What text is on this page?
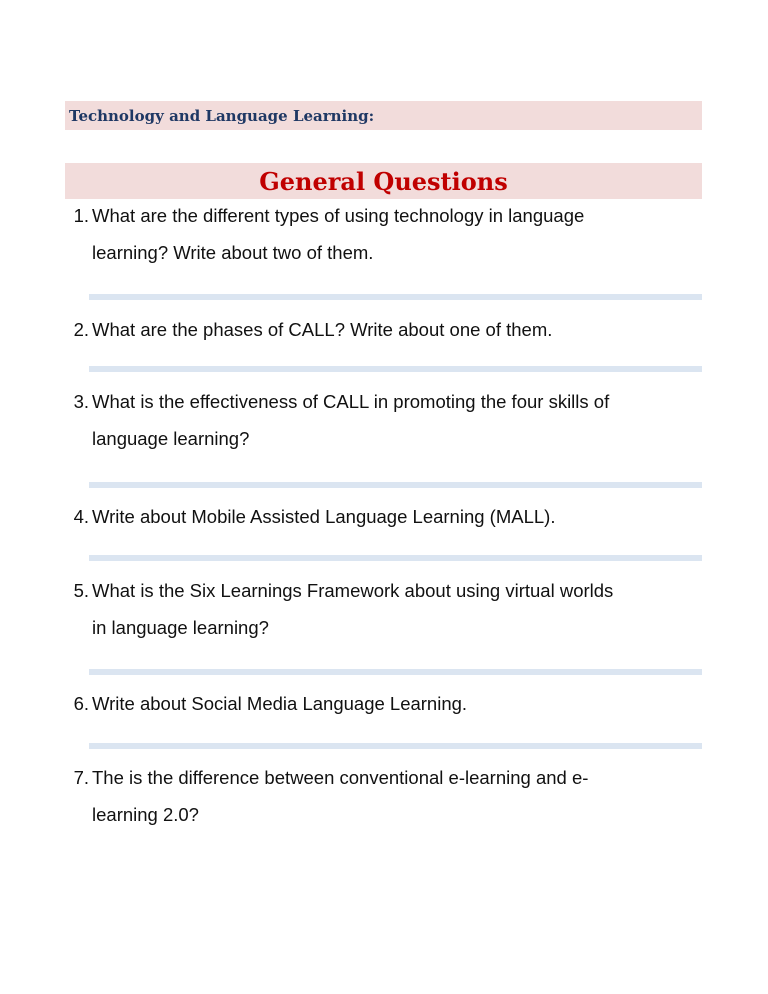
Technology and Language Learning:
General Questions
1. What are the different types of using technology in language
learning? Write about two of them.
2. What are the phases of CALL? Write about one of them.
3. What is the effectiveness of CALL in promoting the four skills of
language learning?
4. Write about Mobile Assisted Language Learning (MALL).
5. What is the Six Learnings Framework about using virtual worlds
in language learning?
6. Write about Social Media Language Learning.
7. The is the difference between conventional e-learning and e-
learning 2.0?
